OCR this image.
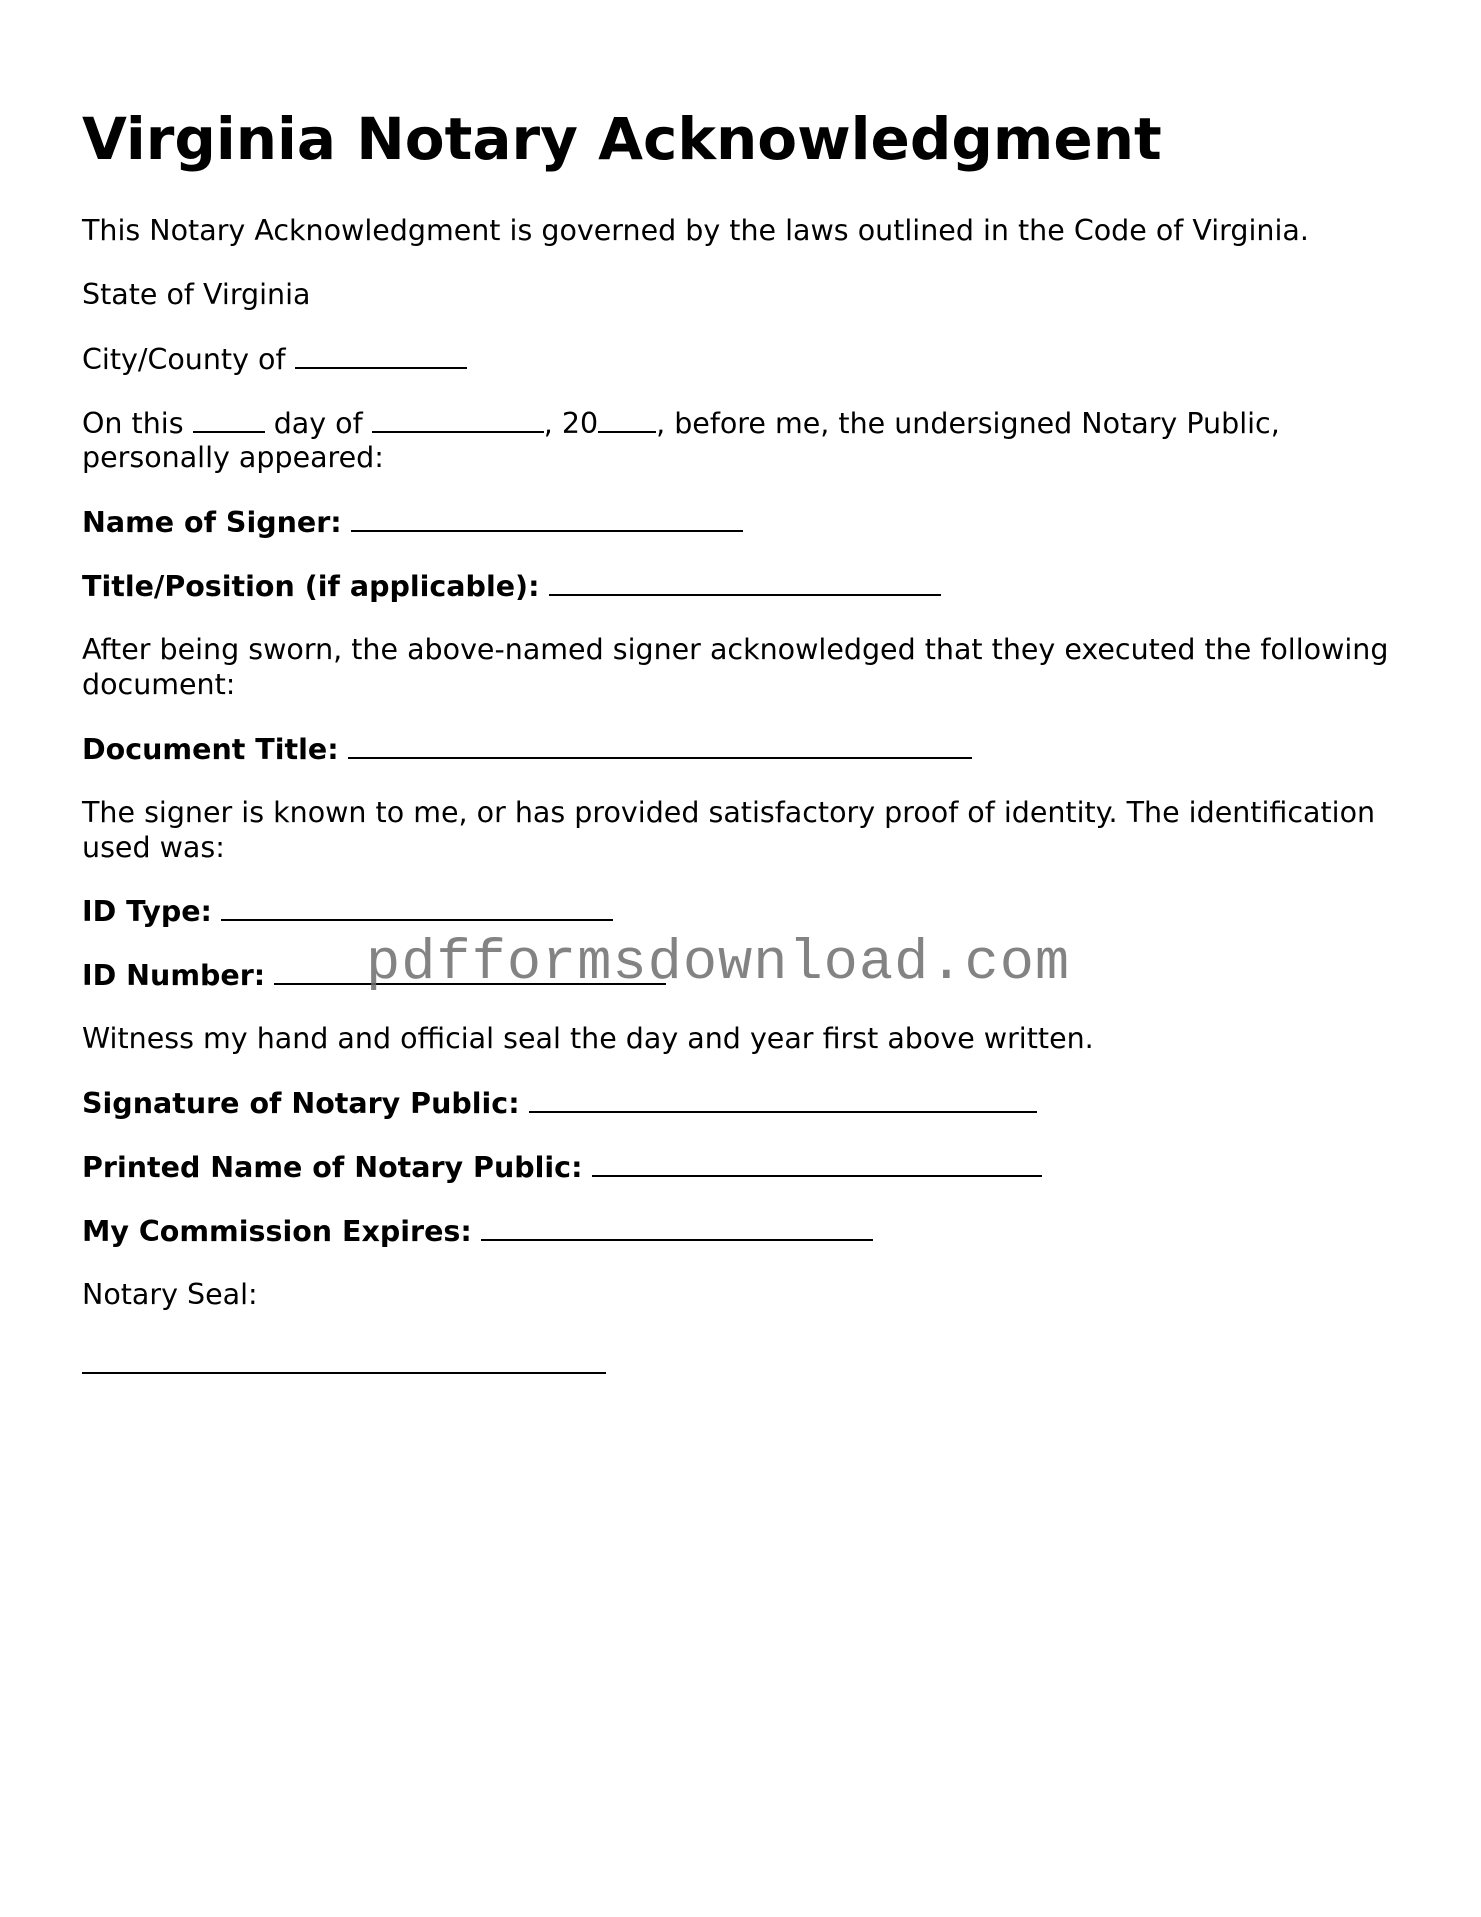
Virginia Notary Acknowledgment

This Notary Acknowledgment is governed by the laws outlined in the Code of Virginia.

State of Virginia

City/County of

On this	day of	, 20 , before me, the undersigned Notary Public,

personally appeared:

Name of Signer:

Title/Position (if applicable):

After being sworn, the above-named signer acknowledged that they executed the following document:

Document Title:

The signer is known to me, or has provided satisfactory proof of identity. The identification used was:

ID Type:

ID Number:

Witness my hand and official seal the day and year first above written.

Signature of Notary Public:

Printed Name of Notary Public:

My Commission Expires:

Notary Seal:

pdfformsdownload.com
